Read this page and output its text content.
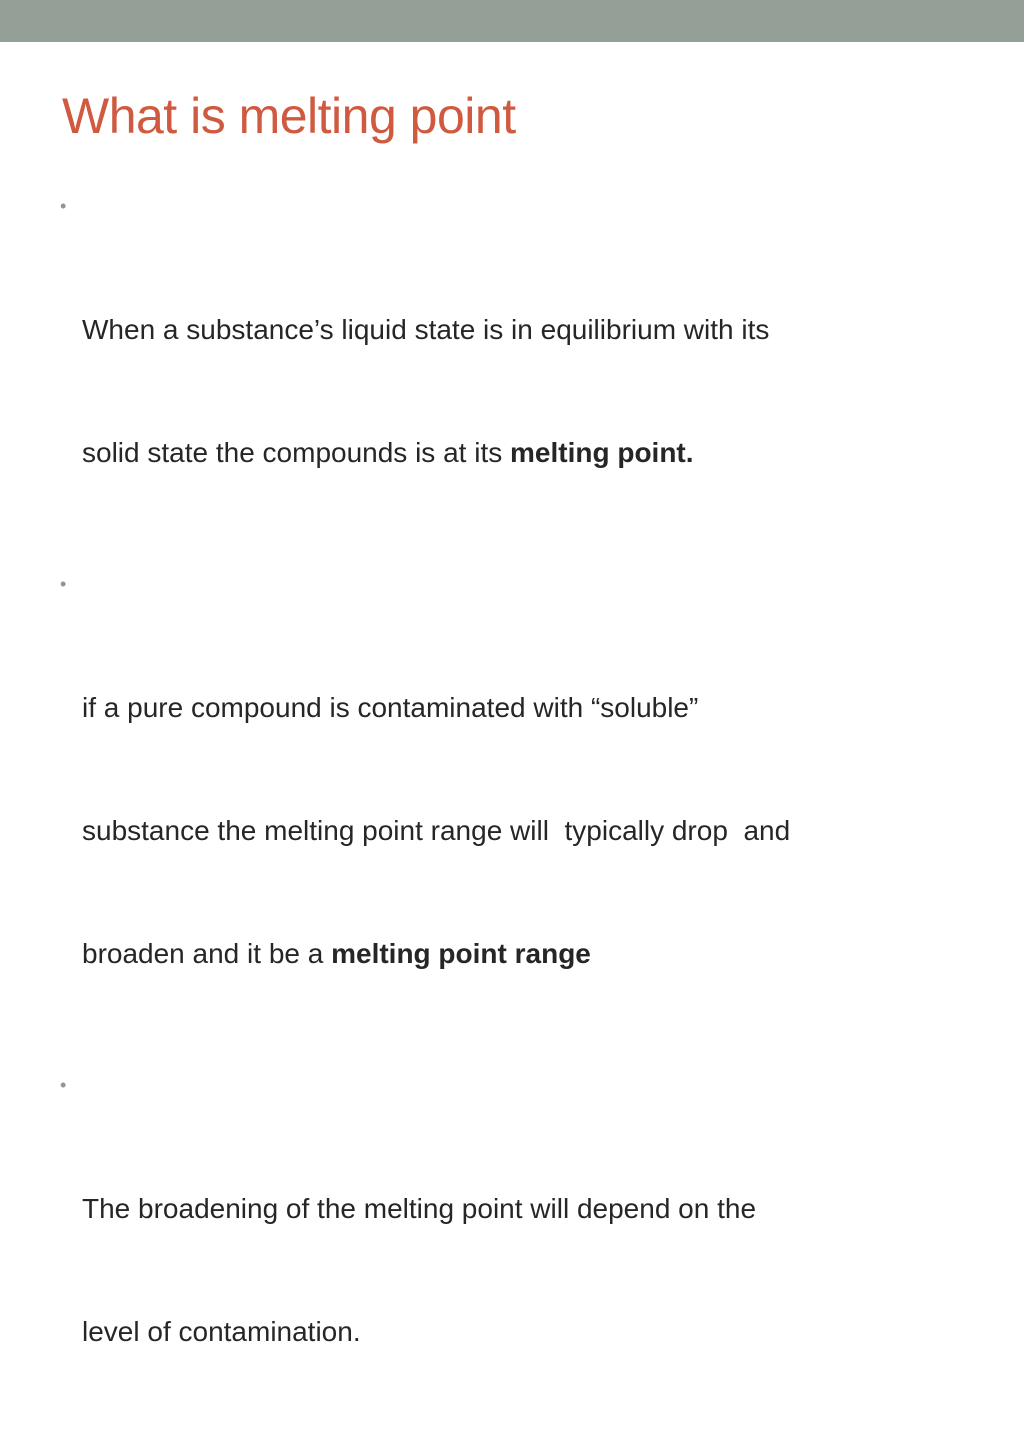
What is melting point

•

When a substance’s liquid state is in equilibrium with its

solid state the compounds is at its melting point.

•

if a pure compound is contaminated with “soluble”

substance the melting point range will  typically drop  and

broaden and it be a melting point range

•

The broadening of the melting point will depend on the

level of contamination.
